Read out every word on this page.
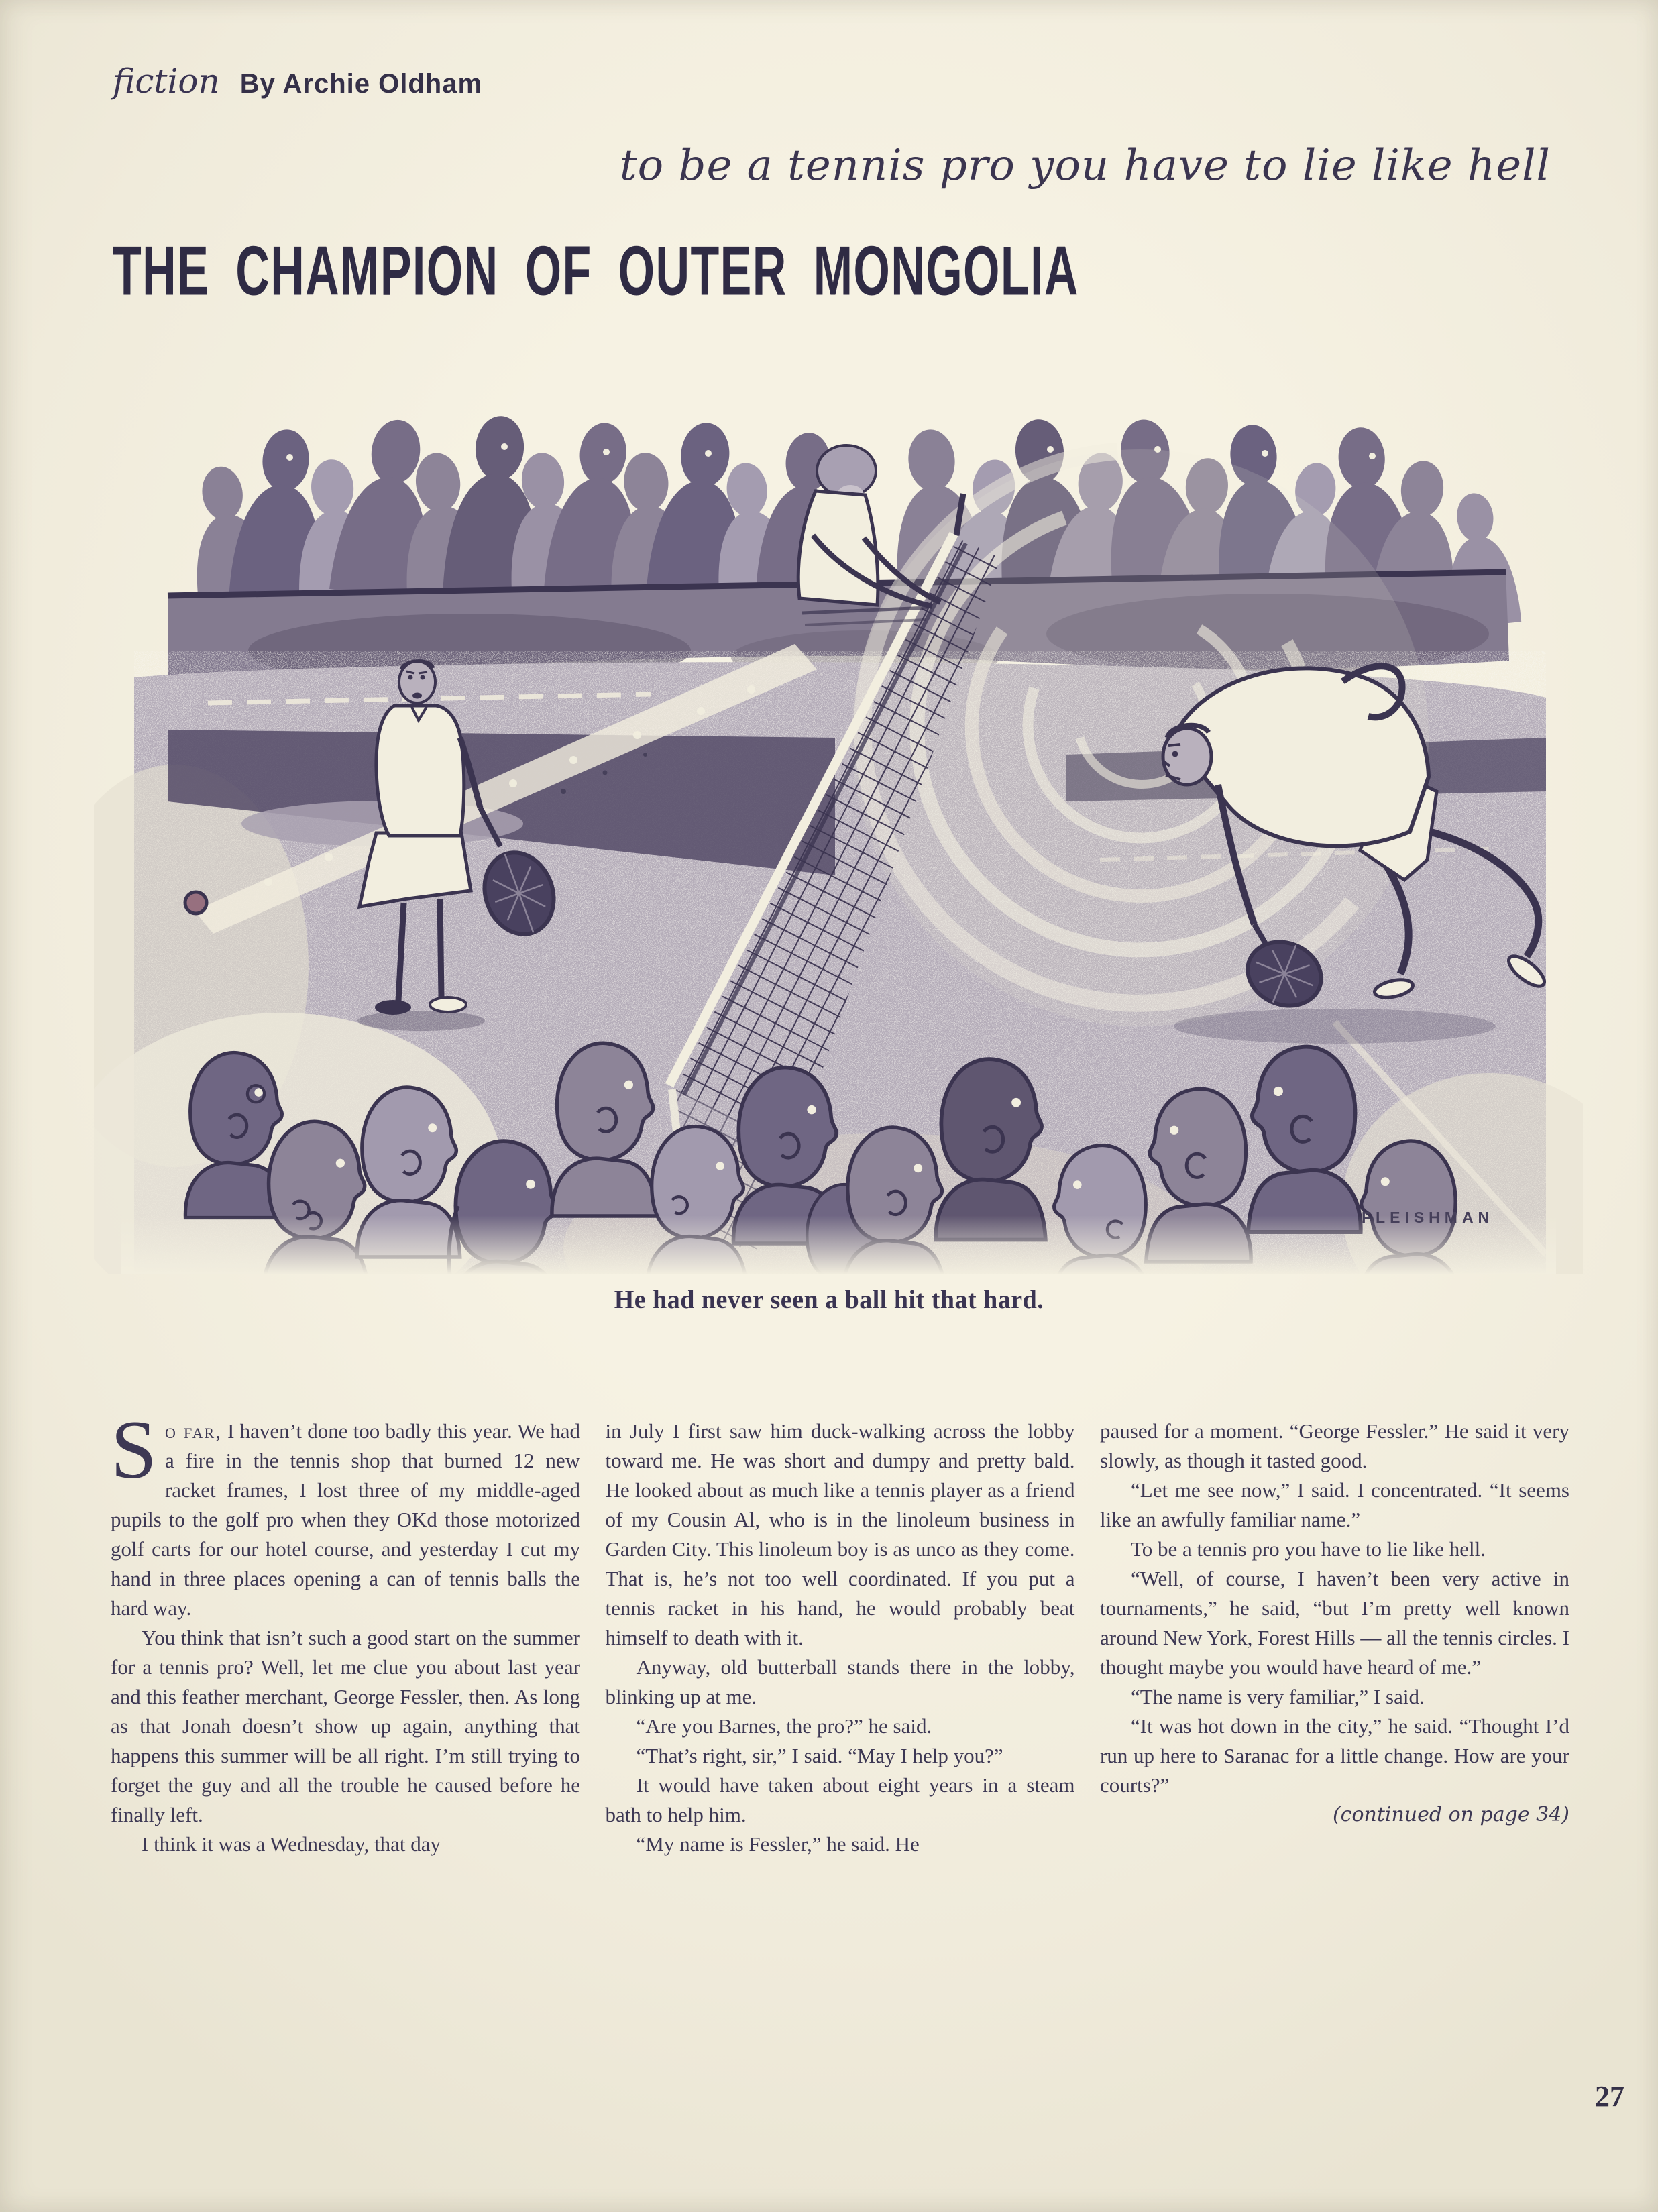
fiction By Archie Oldham
to be a tennis pro you have to lie like hell
THE CHAMPION OF OUTER MONGOLIA
FLEISHMAN
He had never seen a ball hit that hard.

So far, I haven’t done too badly this year. We had a fire in the tennis shop that burned 12 new racket frames, I lost three of my middle-aged pupils to the golf pro when they OKd those motorized golf carts for our hotel course, and yesterday I cut my hand in three places opening a can of tennis balls the hard way.

You think that isn’t such a good start on the summer for a tennis pro? Well, let me clue you about last year and this feather merchant, George Fessler, then. As long as that Jonah doesn’t show up again, anything that happens this summer will be all right. I’m still trying to forget the guy and all the trouble he caused before he finally left.

I think it was a Wednesday, that day

in July I first saw him duck-walking across the lobby toward me. He was short and dumpy and pretty bald. He looked about as much like a tennis player as a friend of my Cousin Al, who is in the linoleum business in Garden City. This linoleum boy is as unco as they come. That is, he’s not too well coordinated. If you put a tennis racket in his hand, he would probably beat himself to death with it.

Anyway, old butterball stands there in the lobby, blinking up at me.

“Are you Barnes, the pro?” he said.

“That’s right, sir,” I said. “May I help you?”

It would have taken about eight years in a steam bath to help him.

“My name is Fessler,” he said. He

paused for a moment. “George Fessler.” He said it very slowly, as though it tasted good.

“Let me see now,” I said. I concentrated. “It seems like an awfully familiar name.”

To be a tennis pro you have to lie like hell.

“Well, of course, I haven’t been very active in tournaments,” he said, “but I’m pretty well known around New York, Forest Hills — all the tennis circles. I thought maybe you would have heard of me.”

“The name is very familiar,” I said.

“It was hot down in the city,” he said. “Thought I’d run up here to Saranac for a little change. How are your courts?”

(continued on page 34)

27
